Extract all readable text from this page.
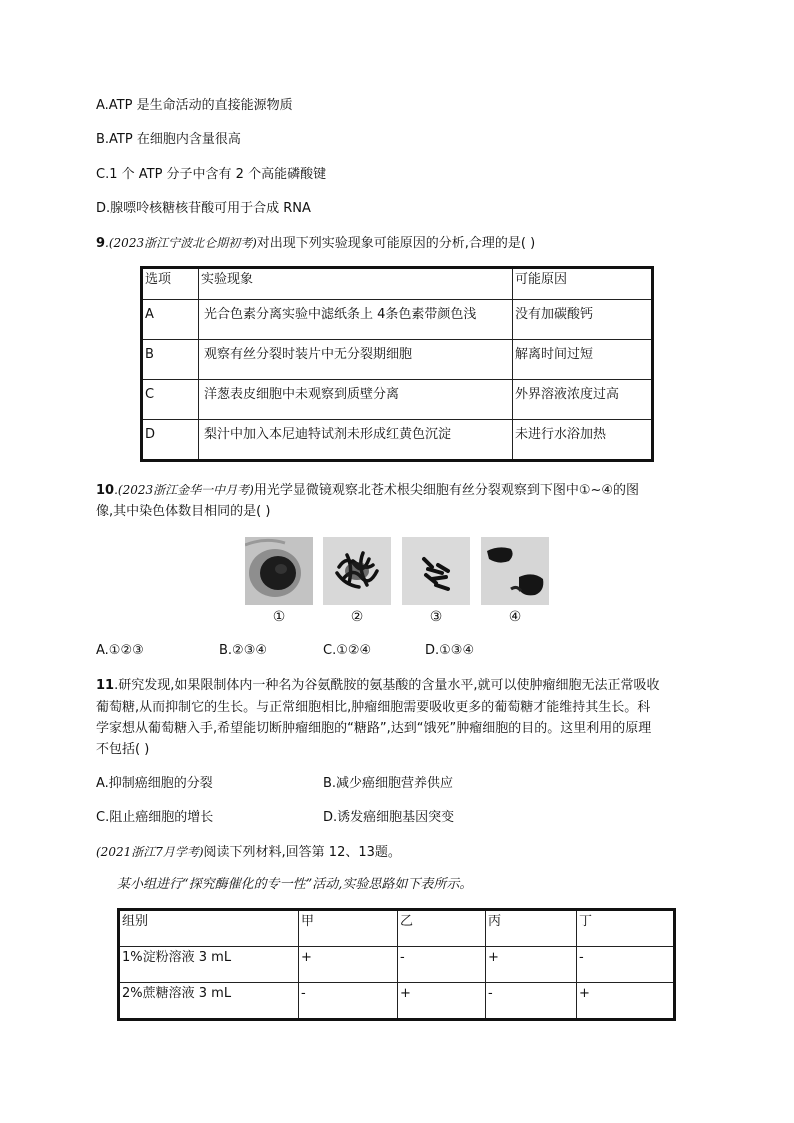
A.ATP 是生命活动的直接能源物质
B.ATP 在细胞内含量很高
C.1 个 ATP 分子中含有 2 个高能磷酸键
D.腺嘌呤核糖核苷酸可用于合成 RNA
9.(2023浙江宁波北仑期初考)对出现下列实验现象可能原因的分析,合理的是( )
选项	实验现象	可能原因
A	光合色素分离实验中滤纸条上 4条色素带颜色浅	没有加碳酸钙
B	观察有丝分裂时装片中无分裂期细胞	解离时间过短
C	洋葱表皮细胞中未观察到质壁分离	外界溶液浓度过高
D	梨汁中加入本尼迪特试剂未形成红黄色沉淀	未进行水浴加热
10.(2023浙江金华一中月考)用光学显微镜观察北苍术根尖细胞有丝分裂观察到下图中①~④的图
像,其中染色体数目相同的是( )
①	②	③	④
A.①②③	B.②③④	C.①②④	D.①③④
11.研究发现,如果限制体内一种名为谷氨酰胺的氨基酸的含量水平,就可以使肿瘤细胞无法正常吸收
葡萄糖,从而抑制它的生长。与正常细胞相比,肿瘤细胞需要吸收更多的葡萄糖才能维持其生长。科
学家想从葡萄糖入手,希望能切断肿瘤细胞的“糖路”,达到“饿死”肿瘤细胞的目的。这里利用的原理
不包括( )
A.抑制癌细胞的分裂	B.减少癌细胞营养供应
C.阻止癌细胞的增长	D.诱发癌细胞基因突变
(2021浙江7月学考)阅读下列材料,回答第 12、13题。
某小组进行“探究酶催化的专一性”活动,实验思路如下表所示。
组别	甲	乙	丙	丁
1%淀粉溶液 3 mL	+	-	+	-
2%蔗糖溶液 3 mL	-	+	-	+
